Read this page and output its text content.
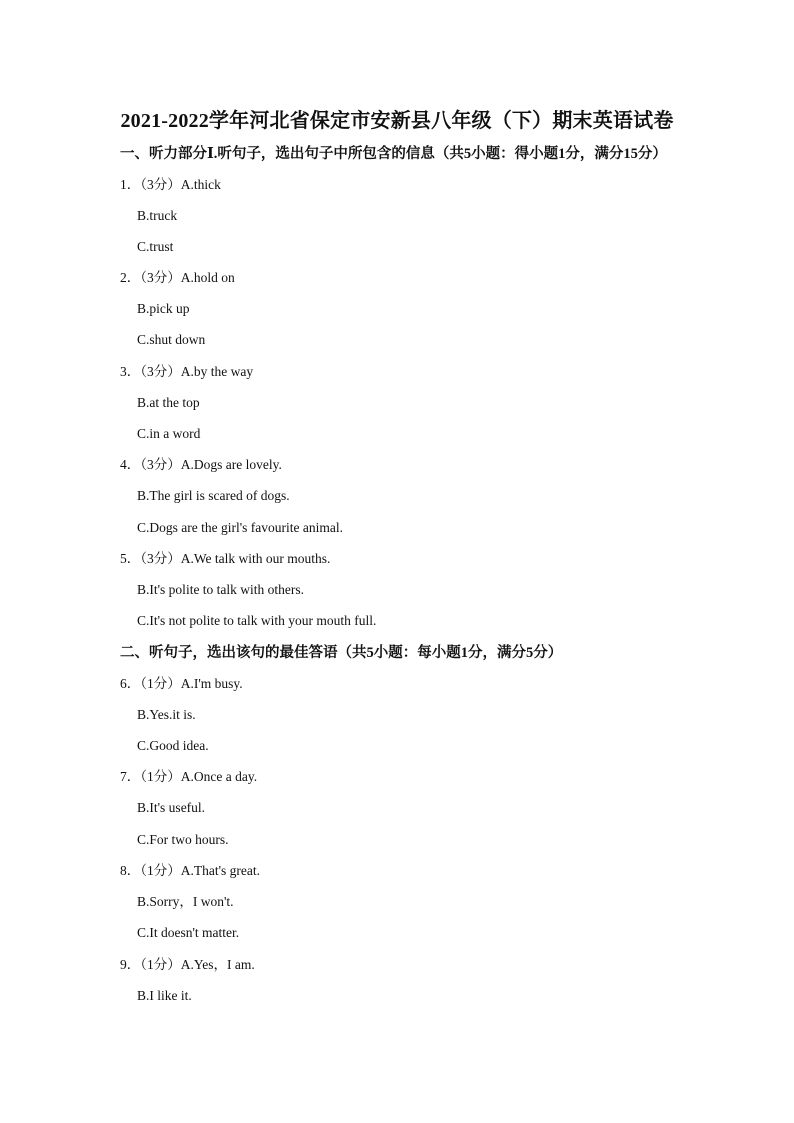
2021-2022学年河北省保定市安新县八年级（下）期末英语试卷
一、听力部分Ⅰ.听句子，选出句子中所包含的信息（共5小题：得小题1分，满分15分）
1．（3分）A.thick
B.truck
C.trust
2．（3分）A.hold on
B.pick up
C.shut down
3．（3分）A.by the way
B.at the top
C.in a word
4．（3分）A.Dogs are lovely.
B.The girl is scared of dogs.
C.Dogs are the girl's favourite animal.
5．（3分）A.We talk with our mouths.
B.It's polite to talk with others.
C.It's not polite to talk with your mouth full.
二、听句子，选出该句的最佳答语（共5小题：每小题1分，满分5分）
6．（1分）A.I'm busy.
B.Yes.it is.
C.Good idea.
7．（1分）A.Once a day.
B.It's useful.
C.For two hours.
8．（1分）A.That's great.
B.Sorry，I won't.
C.It doesn't matter.
9．（1分）A.Yes，I am.
B.I like it.
